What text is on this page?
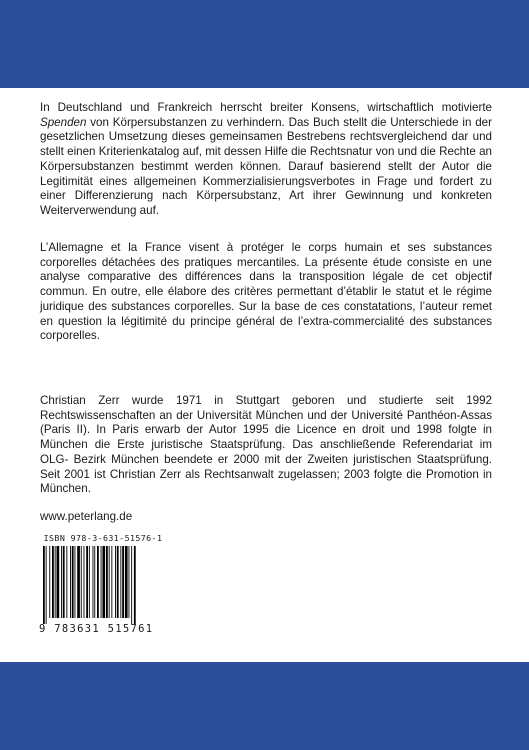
In Deutschland und Frankreich herrscht breiter Konsens, wirtschaftlich motivierte Spenden von Körpersubstanzen zu verhindern. Das Buch stellt die Unterschiede in der gesetzlichen Umsetzung dieses gemeinsamen Bestrebens rechtsvergleichend dar und stellt einen Kriterienkatalog auf, mit dessen Hilfe die Rechtsnatur von und die Rechte an Körpersubstanzen bestimmt werden können. Darauf basierend stellt der Autor die Legitimität eines allgemeinen Kommerzialisierungsverbotes in Frage und fordert zu einer Differenzierung nach Körpersubstanz, Art ihrer Gewinnung und konkreten Weiterverwendung auf.

L’Allemagne et la France visent à protéger le corps humain et ses substances corporelles détachées des pratiques mercantiles. La présente étude consiste en une analyse comparative des différences dans la transposition légale de cet objectif commun. En outre, elle élabore des critères permettant d’établir le statut et le régime juridique des substances corporelles. Sur la base de ces constatations, l’auteur remet en question la légitimité du principe général de l’extra-commercialité des substances corporelles.

Christian Zerr wurde 1971 in Stuttgart geboren und studierte seit 1992 Rechtswissenschaften an der Universität München und der Université Panthéon-Assas (Paris II). In Paris erwarb der Autor 1995 die Licence en droit und 1998 folgte in München die Erste juristische Staatsprüfung. Das anschließende Referendariat im OLG- Bezirk München beendete er 2000 mit der Zweiten juristischen Staatsprüfung. Seit 2001 ist Christian Zerr als Rechtsanwalt zugelassen; 2003 folgte die Promotion in München.

www.peterlang.de

ISBN 978-3-631-51576-1
9 783631 515761
